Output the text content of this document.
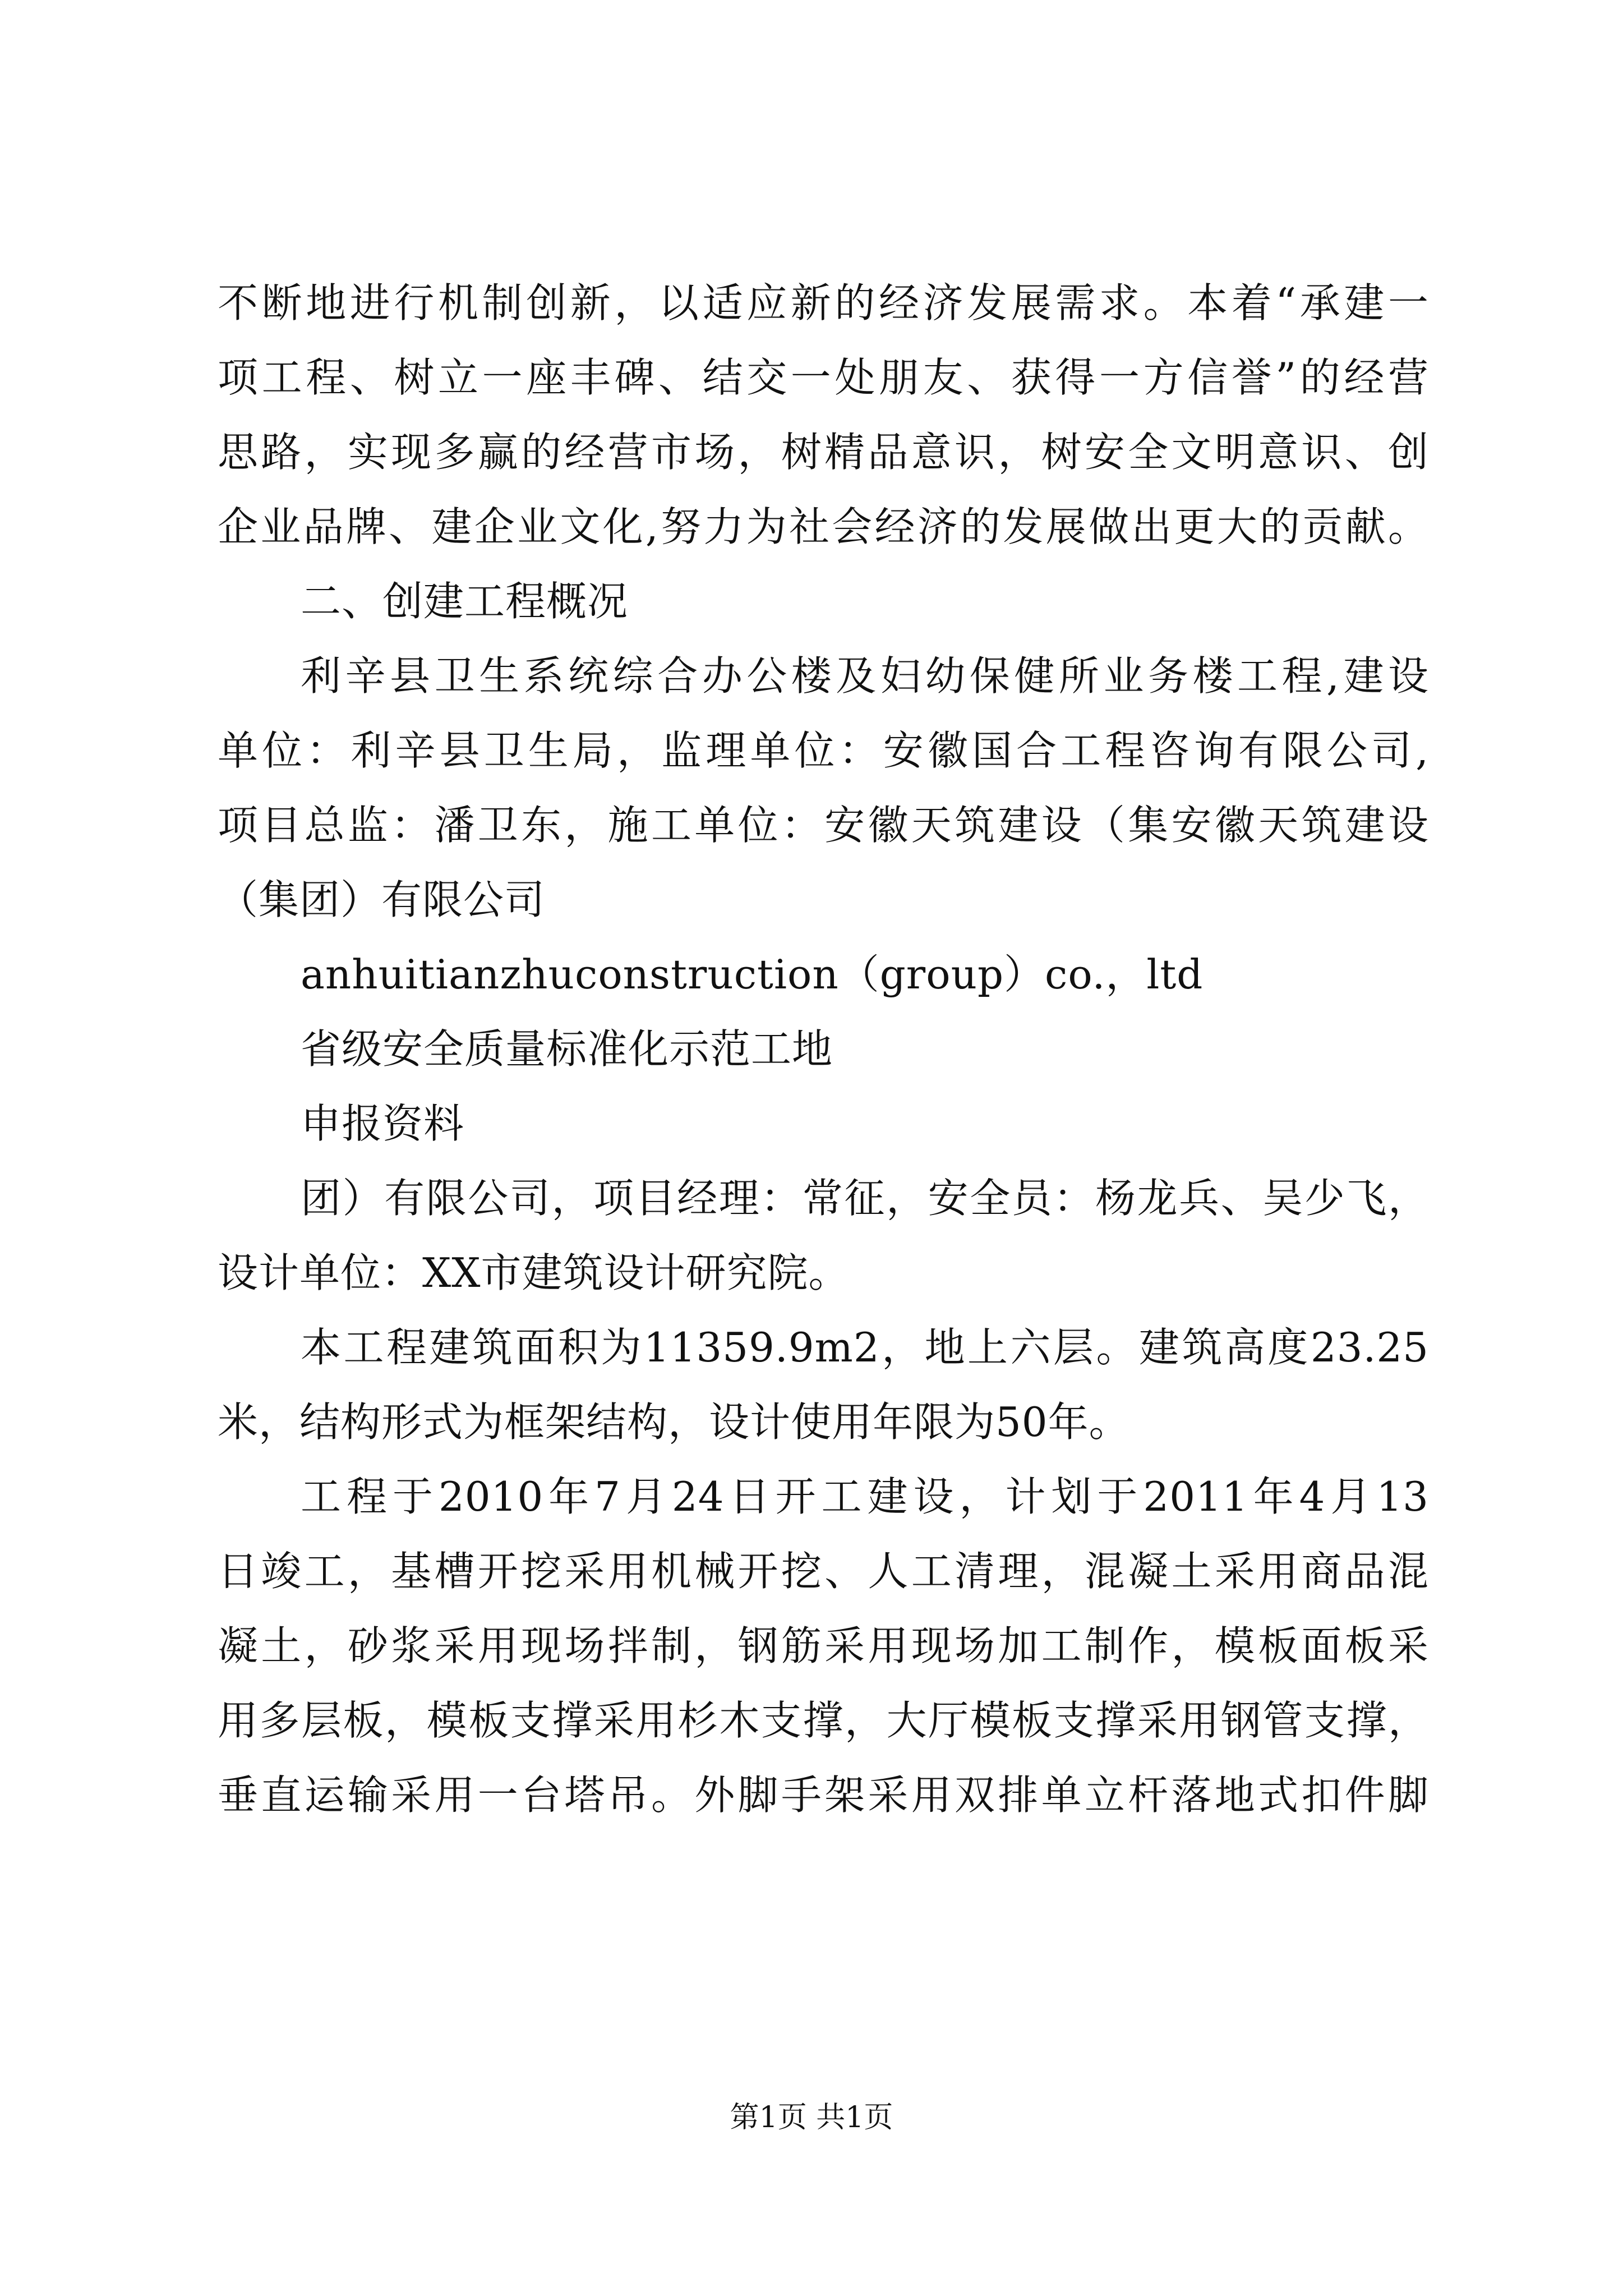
不断地进行机制创新，以适应新的经济发展需求。本着“承建一
项工程、树立一座丰碑、结交一处朋友、获得一方信誉”的经营
思路，实现多赢的经营市场，树精品意识，树安全文明意识、创
企业品牌、建企业文化,努力为社会经济的发展做出更大的贡献。
二、创建工程概况
利辛县卫生系统综合办公楼及妇幼保健所业务楼工程,建设
单位：利辛县卫生局，监理单位：安徽国合工程咨询有限公司,
项目总监：潘卫东，施工单位：安徽天筑建设（集安徽天筑建设
（集团）有限公司
anhuitianzhuconstruction（group）co.，ltd
省级安全质量标准化示范工地
申报资料
团）有限公司，项目经理：常征，安全员：杨龙兵、吴少飞，
设计单位：XX市建筑设计研究院。
本工程建筑面积为11359.9m2，地上六层。建筑高度23.25
米，结构形式为框架结构，设计使用年限为50年。
工程于2010年7月24日开工建设，计划于2011年4月13
日竣工，基槽开挖采用机械开挖、人工清理，混凝土采用商品混
凝土，砂浆采用现场拌制，钢筋采用现场加工制作，模板面板采
用多层板，模板支撑采用杉木支撑，大厅模板支撑采用钢管支撑，
垂直运输采用一台塔吊。外脚手架采用双排单立杆落地式扣件脚
第1页 共1页
